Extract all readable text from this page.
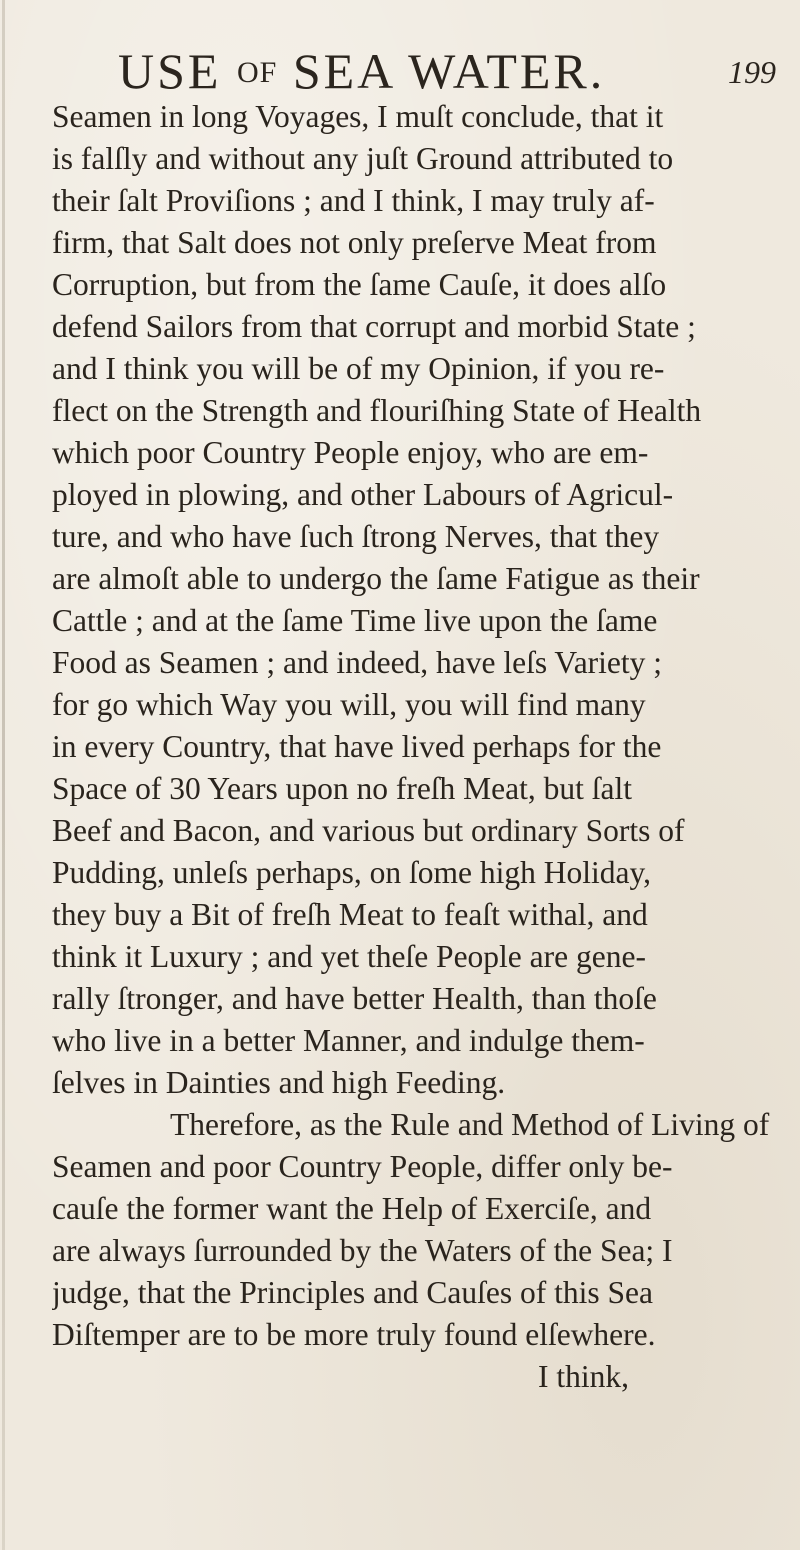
USE OF SEA WATER.	199
Seamen in long Voyages, I muſt conclude, that it
is falſly and without any juſt Ground attributed to
their ſalt Proviſions ; and I think, I may truly af-
firm, that Salt does not only preſerve Meat from
Corruption, but from the ſame Cauſe, it does alſo
defend Sailors from that corrupt and morbid State ;
and I think you will be of my Opinion, if you re-
flect on the Strength and flouriſhing State of Health
which poor Country People enjoy, who are em-
ployed in plowing, and other Labours of Agricul-
ture, and who have ſuch ſtrong Nerves, that they
are almoſt able to undergo the ſame Fatigue as their
Cattle ; and at the ſame Time live upon the ſame
Food as Seamen ; and indeed, have leſs Variety ;
for go which Way you will, you will find many
in every Country, that have lived perhaps for the
Space of 30 Years upon no freſh Meat, but ſalt
Beef and Bacon, and various but ordinary Sorts of
Pudding, unleſs perhaps, on ſome high Holiday,
they buy a Bit of freſh Meat to feaſt withal, and
think it Luxury ; and yet theſe People are gene-
rally ſtronger, and have better Health, than thoſe
who live in a better Manner, and indulge them-
ſelves in Dainties and high Feeding.
Therefore, as the Rule and Method of Living of
Seamen and poor Country People, differ only be-
cauſe the former want the Help of Exerciſe, and
are always ſurrounded by the Waters of the Sea; I
judge, that the Principles and Cauſes of this Sea
Diſtemper are to be more truly found elſewhere.
I think,
